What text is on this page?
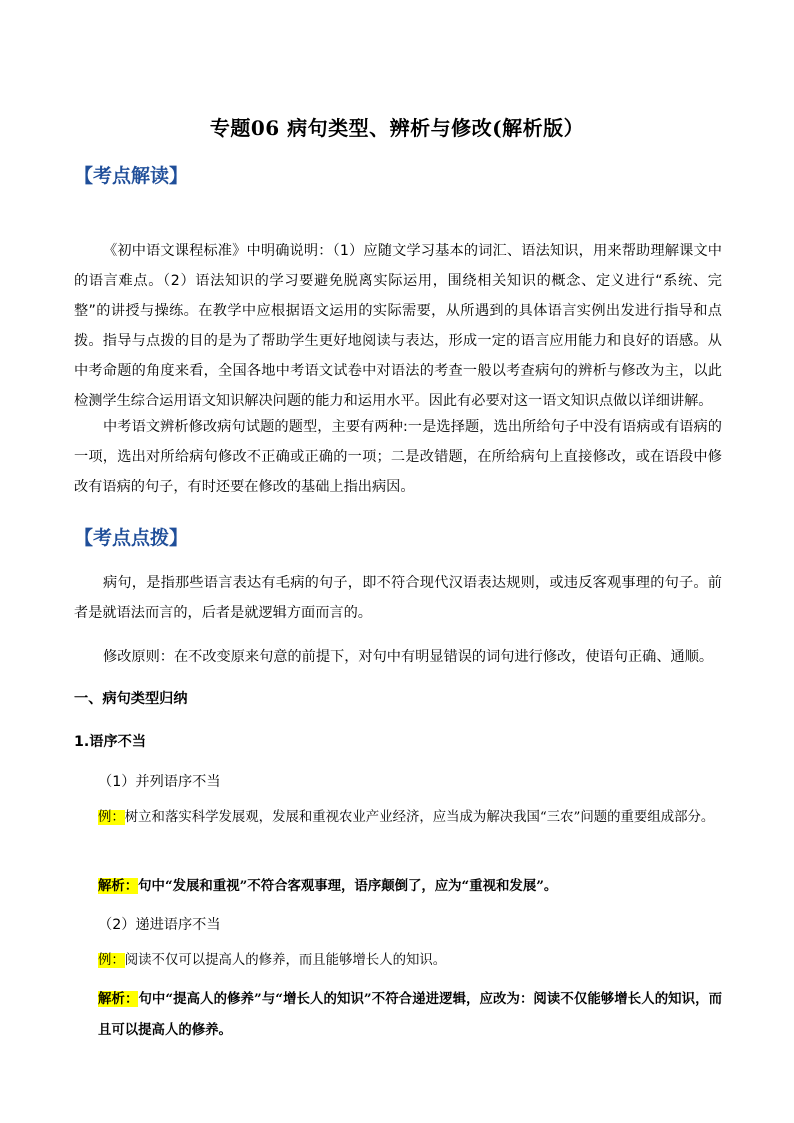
专题06 病句类型、辨析与修改(解析版）
【考点解读】
《初中语文课程标准》中明确说明：（1）应随文学习基本的词汇、语法知识，用来帮助理解课文中的语言难点。（2）语法知识的学习要避免脱离实际运用，围绕相关知识的概念、定义进行“系统、完整”的讲授与操练。在教学中应根据语文运用的实际需要，从所遇到的具体语言实例出发进行指导和点拨。指导与点拨的目的是为了帮助学生更好地阅读与表达，形成一定的语言应用能力和良好的语感。从中考命题的角度来看，全国各地中考语文试卷中对语法的考查一般以考查病句的辨析与修改为主，以此检测学生综合运用语文知识解决问题的能力和运用水平。因此有必要对这一语文知识点做以详细讲解。
中考语文辨析修改病句试题的题型，主要有两种:一是选择题，选出所给句子中没有语病或有语病的一项，选出对所给病句修改不正确或正确的一项；二是改错题，在所给病句上直接修改，或在语段中修改有语病的句子，有时还要在修改的基础上指出病因。
【考点点拨】
病句，是指那些语言表达有毛病的句子，即不符合现代汉语表达规则，或违反客观事理的句子。前者是就语法而言的，后者是就逻辑方面而言的。
修改原则：在不改变原来句意的前提下，对句中有明显错误的词句进行修改，使语句正确、通顺。
一、病句类型归纳
1.语序不当
（1）并列语序不当
例：树立和落实科学发展观，发展和重视农业产业经济，应当成为解决我国“三农”问题的重要组成部分。
解析：句中“发展和重视”不符合客观事理，语序颠倒了，应为“重视和发展”。
（2）递进语序不当
例：阅读不仅可以提高人的修养，而且能够增长人的知识。
解析：句中“提高人的修养”与“增长人的知识”不符合递进逻辑，应改为：阅读不仅能够增长人的知识，而且可以提高人的修养。
